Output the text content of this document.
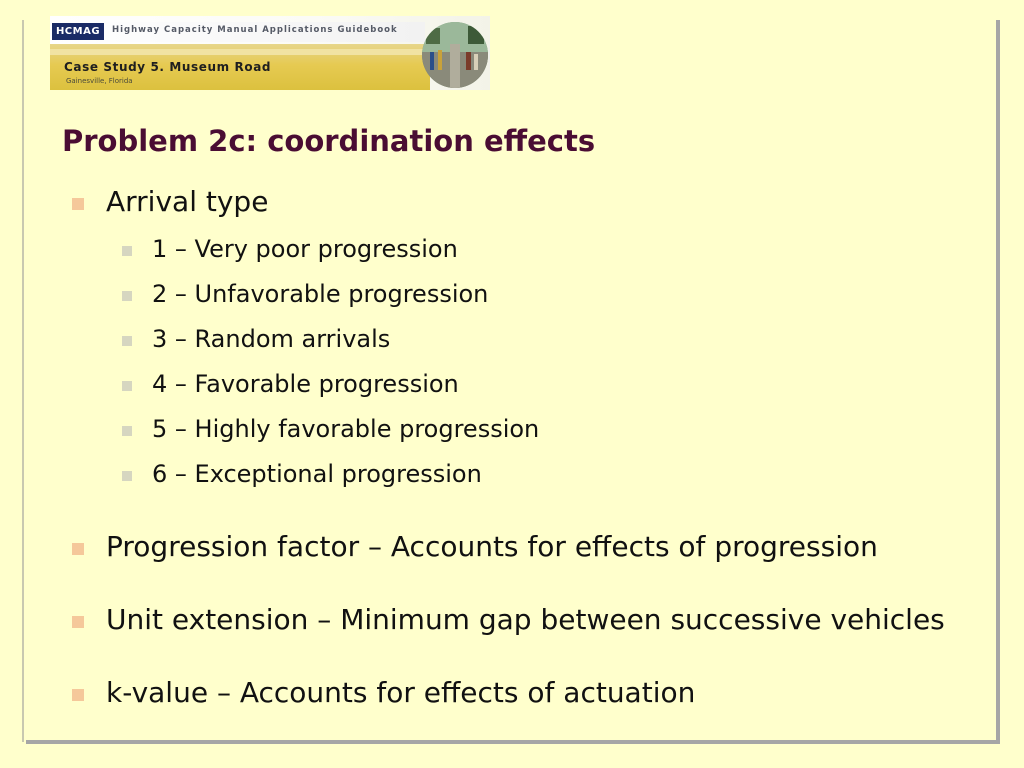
HCMAG	Highway Capacity Manual Applications Guidebook
Case Study 5. Museum Road
Gainesville, Florida
Problem 2c: coordination effects
Arrival type
1 – Very poor progression
2 – Unfavorable progression
3 – Random arrivals
4 – Favorable progression
5 – Highly favorable progression
6 – Exceptional progression
Progression factor – Accounts for effects of progression
Unit extension – Minimum gap between successive vehicles
k-value – Accounts for effects of actuation
